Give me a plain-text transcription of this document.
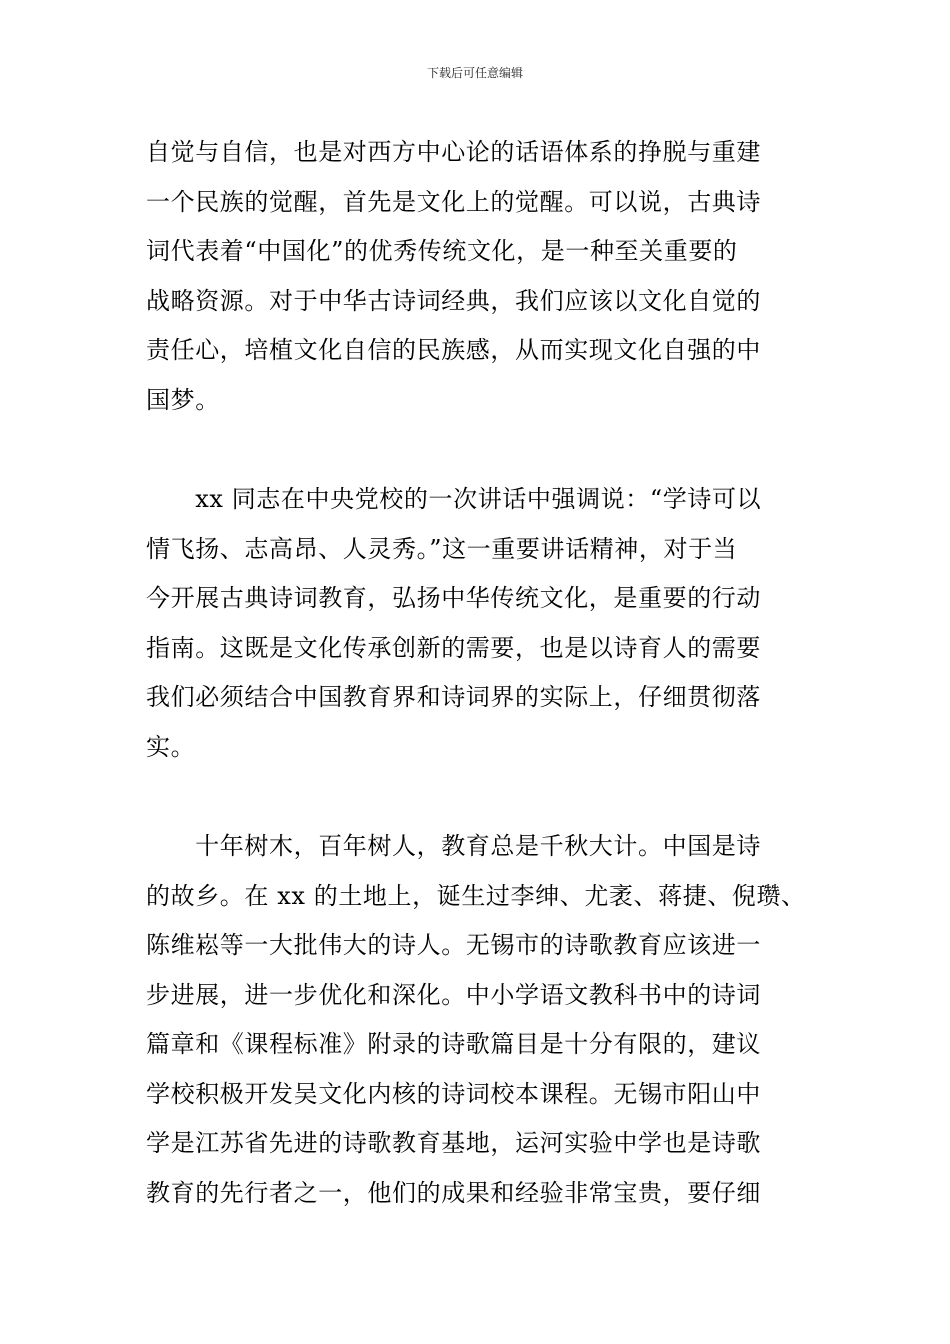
下载后可任意编辑
自觉与自信，也是对西方中心论的话语体系的挣脱与重建
一个民族的觉醒，首先是文化上的觉醒。可以说，古典诗
词代表着“中国化”的优秀传统文化，是一种至关重要的
战略资源。对于中华古诗词经典，我们应该以文化自觉的
责任心，培植文化自信的民族感，从而实现文化自强的中
国梦。
　　xx 同志在中央党校的一次讲话中强调说：“学诗可以
情飞扬、志高昂、人灵秀。”这一重要讲话精神，对于当
今开展古典诗词教育，弘扬中华传统文化，是重要的行动
指南。这既是文化传承创新的需要，也是以诗育人的需要
我们必须结合中国教育界和诗词界的实际上，仔细贯彻落
实。
　　十年树木，百年树人，教育总是千秋大计。中国是诗
的故乡。在 xx 的土地上，诞生过李绅、尤袤、蒋捷、倪瓒、
陈维崧等一大批伟大的诗人。无锡市的诗歌教育应该进一
步进展，进一步优化和深化。中小学语文教科书中的诗词
篇章和《课程标准》附录的诗歌篇目是十分有限的，建议
学校积极开发吴文化内核的诗词校本课程。无锡市阳山中
学是江苏省先进的诗歌教育基地，运河实验中学也是诗歌
教育的先行者之一，他们的成果和经验非常宝贵，要仔细
